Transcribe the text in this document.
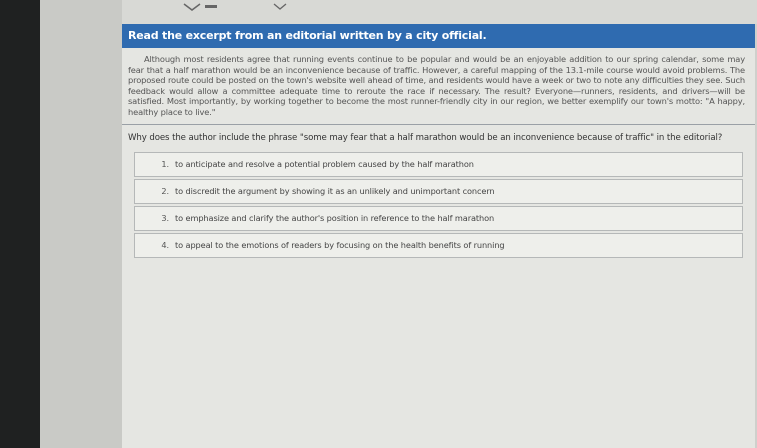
Read the excerpt from an editorial written by a city official.
Although most residents agree that running events continue to be popular and would be an enjoyable addition to our spring calendar, some may fear that a half marathon would be an inconvenience because of traffic. However, a careful mapping of the 13.1-mile course would avoid problems. The proposed route could be posted on the town's website well ahead of time, and residents would have a week or two to note any difficulties they see. Such feedback would allow a committee adequate time to reroute the race if necessary. The result? Everyone—runners, residents, and drivers—will be satisfied. Most importantly, by working together to become the most runner-friendly city in our region, we better exemplify our town's motto: "A happy, healthy place to live."
Why does the author include the phrase "some may fear that a half marathon would be an inconvenience because of traffic" in the editorial?
1. to anticipate and resolve a potential problem caused by the half marathon
2. to discredit the argument by showing it as an unlikely and unimportant concern
3. to emphasize and clarify the author's position in reference to the half marathon
4. to appeal to the emotions of readers by focusing on the health benefits of running
